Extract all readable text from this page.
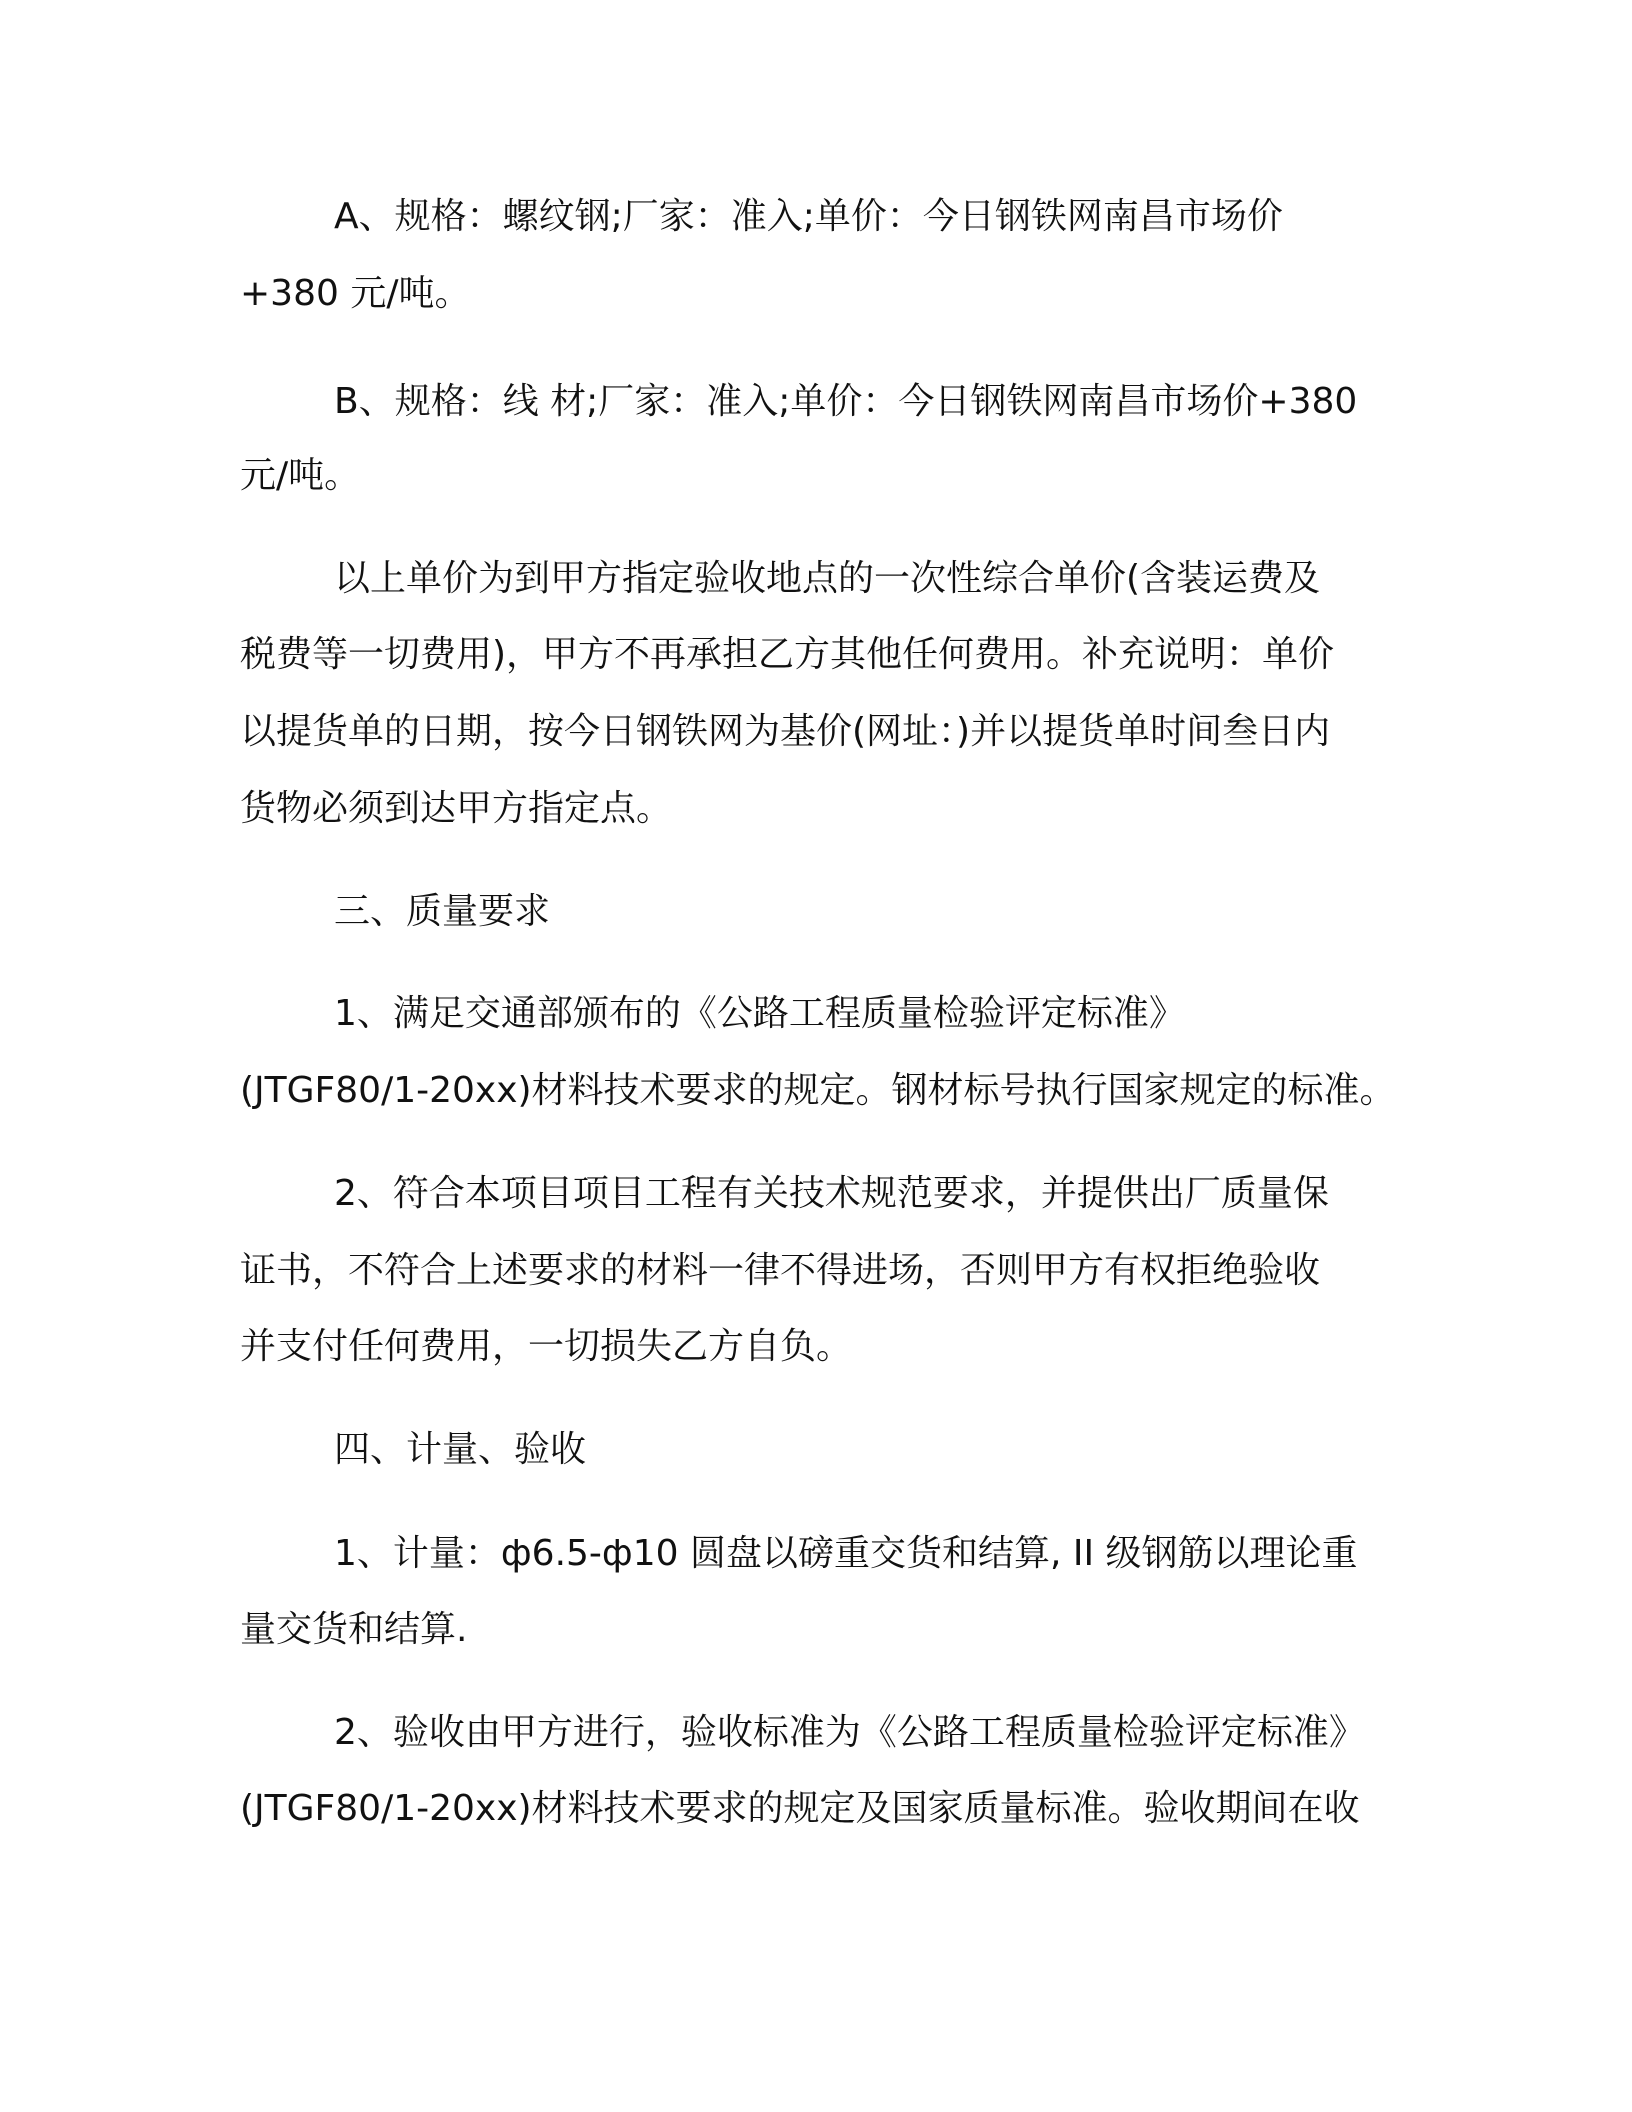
A、规格：螺纹钢;厂家：准入;单价：今日钢铁网南昌市场价
+380 元/吨。
B、规格：线 材;厂家：准入;单价：今日钢铁网南昌市场价+380
元/吨。
以上单价为到甲方指定验收地点的一次性综合单价(含装运费及
税费等一切费用)，甲方不再承担乙方其他任何费用。补充说明：单价
以提货单的日期，按今日钢铁网为基价(网址：)并以提货单时间叁日内
货物必须到达甲方指定点。
三、质量要求
1、满足交通部颁布的《公路工程质量检验评定标准》
(JTGF80/1-20xx)材料技术要求的规定。钢材标号执行国家规定的标准。
2、符合本项目项目工程有关技术规范要求，并提供出厂质量保
证书，不符合上述要求的材料一律不得进场，否则甲方有权拒绝验收
并支付任何费用，一切损失乙方自负。
四、计量、验收
1、计量：ф6.5-ф10 圆盘以磅重交货和结算, II 级钢筋以理论重
量交货和结算.
2、验收由甲方进行，验收标准为《公路工程质量检验评定标准》
(JTGF80/1-20xx)材料技术要求的规定及国家质量标准。验收期间在收
